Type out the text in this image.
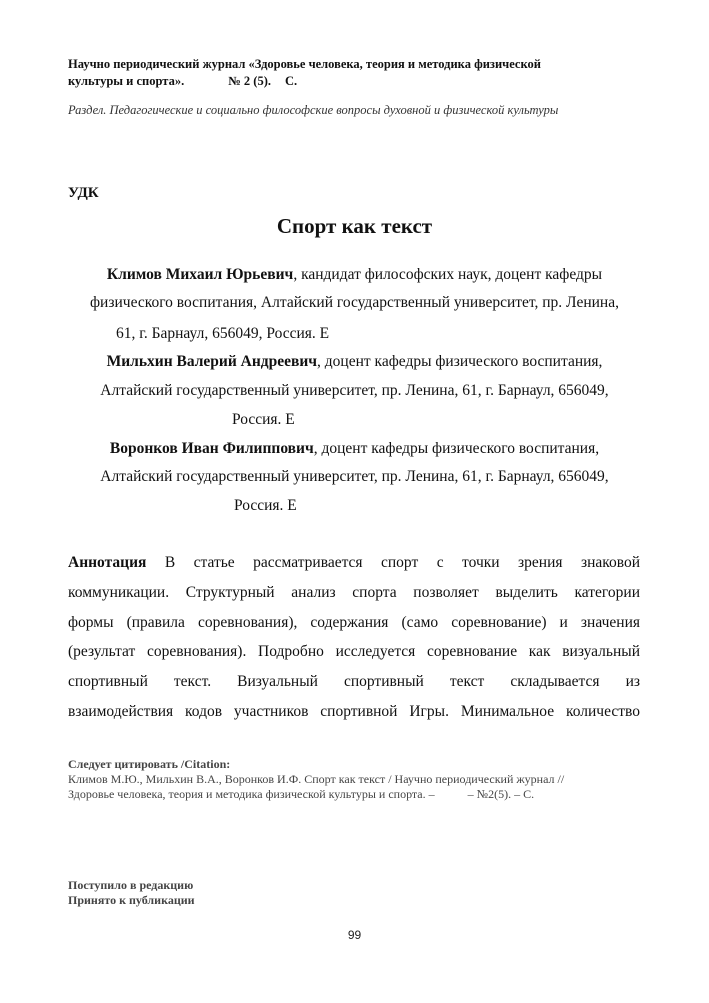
Научно периодический журнал «Здоровье человека, теория и методика физической
культуры и спорта».	№ 2 (5). С.
Раздел. Педагогические и социально философские вопросы духовной и физической культуры
УДК
Спорт как текст
Климов Михаил Юрьевич, кандидат философских наук, доцент кафедры
физического воспитания, Алтайский государственный университет, пр. Ленина,
61, г. Барнаул, 656049, Россия. E
Мильхин Валерий Андреевич, доцент кафедры физического воспитания,
Алтайский государственный университет, пр. Ленина, 61, г. Барнаул, 656049,
Россия. E
Воронков Иван Филиппович, доцент кафедры физического воспитания,
Алтайский государственный университет, пр. Ленина, 61, г. Барнаул, 656049,
Россия. E
Аннотация В статье рассматривается спорт с точки зрения знаковой
коммуникации. Структурный анализ спорта позволяет выделить категории
формы (правила соревнования), содержания (само соревнование) и значения
(результат соревнования). Подробно исследуется соревнование как визуальный
спортивный текст. Визуальный спортивный текст складывается из
взаимодействия кодов участников спортивной Игры. Минимальное количество
Следует цитировать /Citation:
Климов М.Ю., Мильхин В.А., Воронков И.Ф. Спорт как текст / Научно периодический журнал //
Здоровье человека, теория и методика физической культуры и спорта. –           – №2(5). – С.
Поступило в редакцию
Принято к публикации
99
